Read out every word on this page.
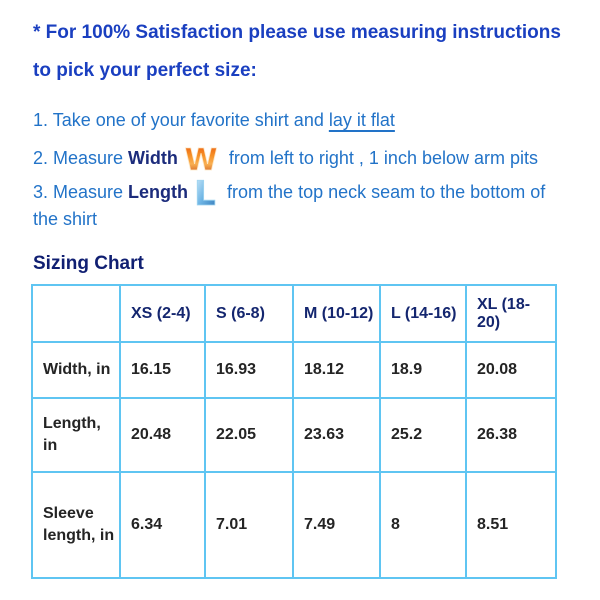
* For 100% Satisfaction please use measuring instructions to pick your perfect size:

1. Take one of your favorite shirt and lay it flat

2. Measure Width W from left to right , 1 inch below arm pits

3. Measure Length L from the top neck seam to the bottom of the shirt

Sizing Chart
	XS (2-4)	S (6-8)	M (10-12)	L (14-16)	XL (18-20)
Width, in	16.15	16.93	18.12	18.9	20.08
Length, in	20.48	22.05	23.63	25.2	26.38
Sleeve length, in	6.34	7.01	7.49	8	8.51
